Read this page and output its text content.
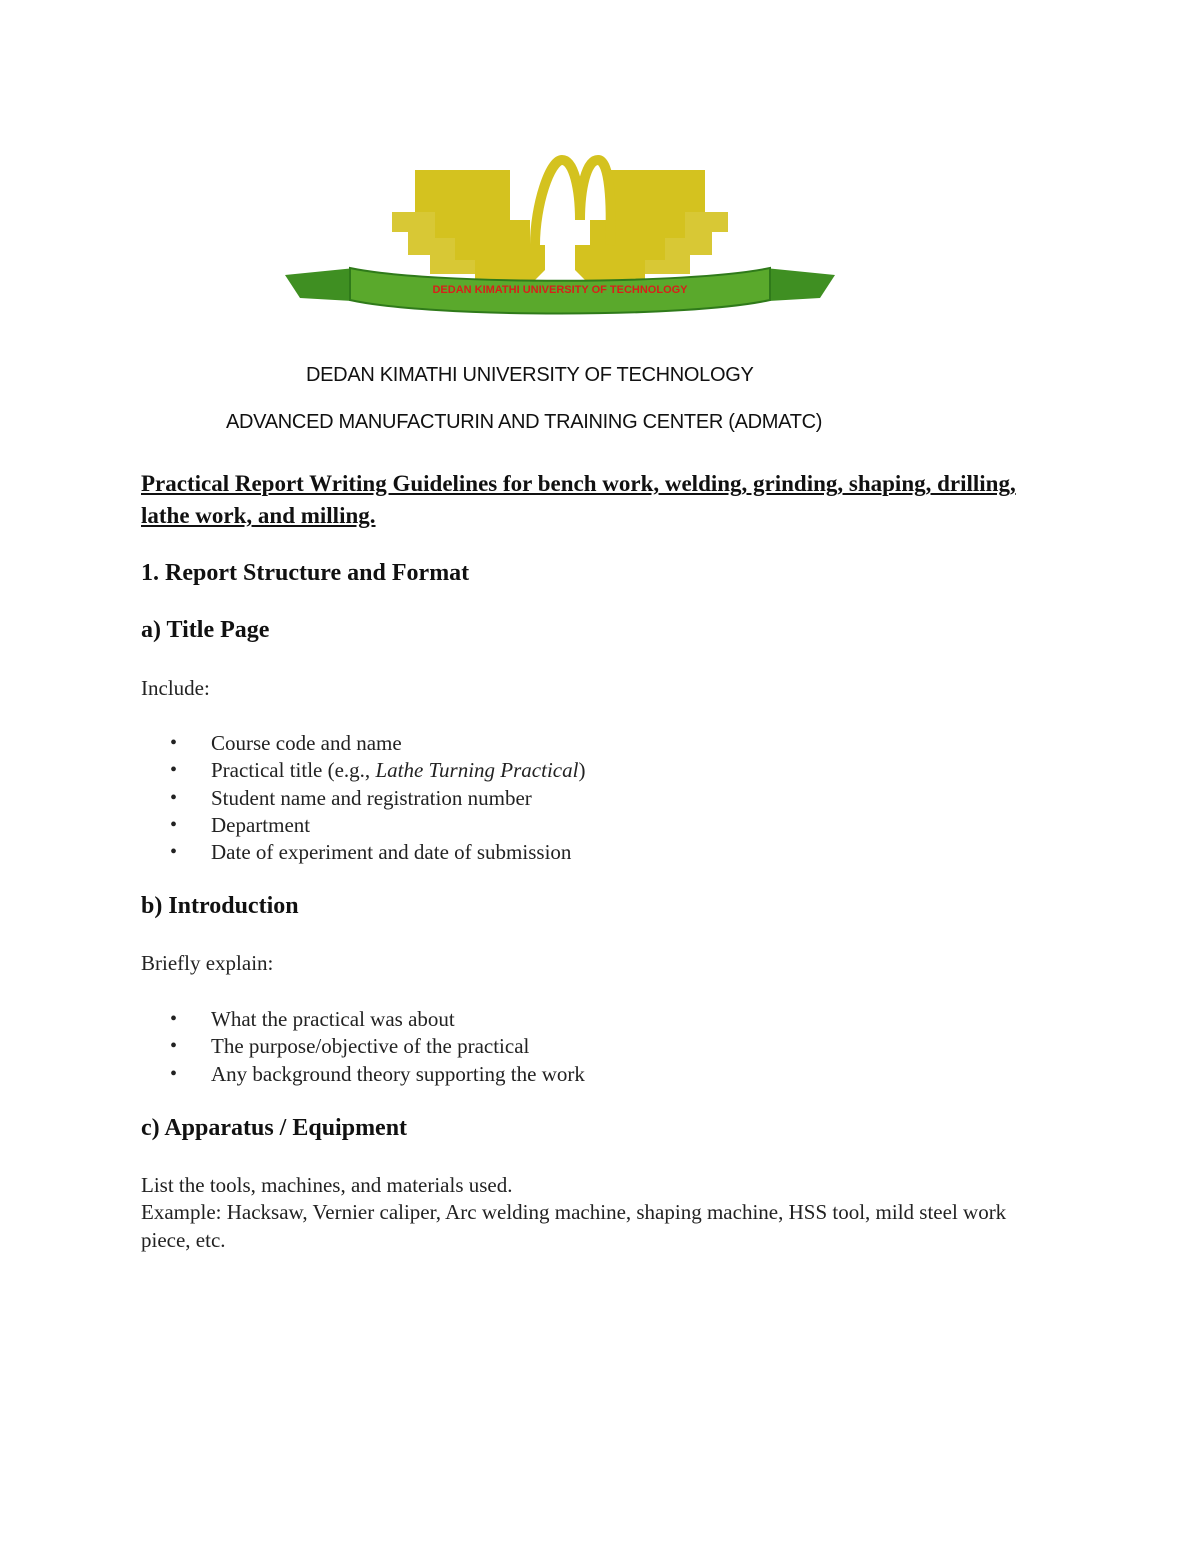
DEDAN KIMATHI UNIVERSITY OF TECHNOLOGY
DEDAN KIMATHI UNIVERSITY OF TECHNOLOGY
ADVANCED MANUFACTURIN AND TRAINING CENTER (ADMATC)
Practical Report Writing Guidelines for bench work, welding, grinding, shaping, drilling, lathe work, and milling.
1. Report Structure and Format
a) Title Page
Include:
• Course code and name
• Practical title (e.g., Lathe Turning Practical)
• Student name and registration number
• Department
• Date of experiment and date of submission
b) Introduction
Briefly explain:
• What the practical was about
• The purpose/objective of the practical
• Any background theory supporting the work
c) Apparatus / Equipment
List the tools, machines, and materials used.
Example: Hacksaw, Vernier caliper, Arc welding machine, shaping machine, HSS tool, mild steel work piece, etc.
